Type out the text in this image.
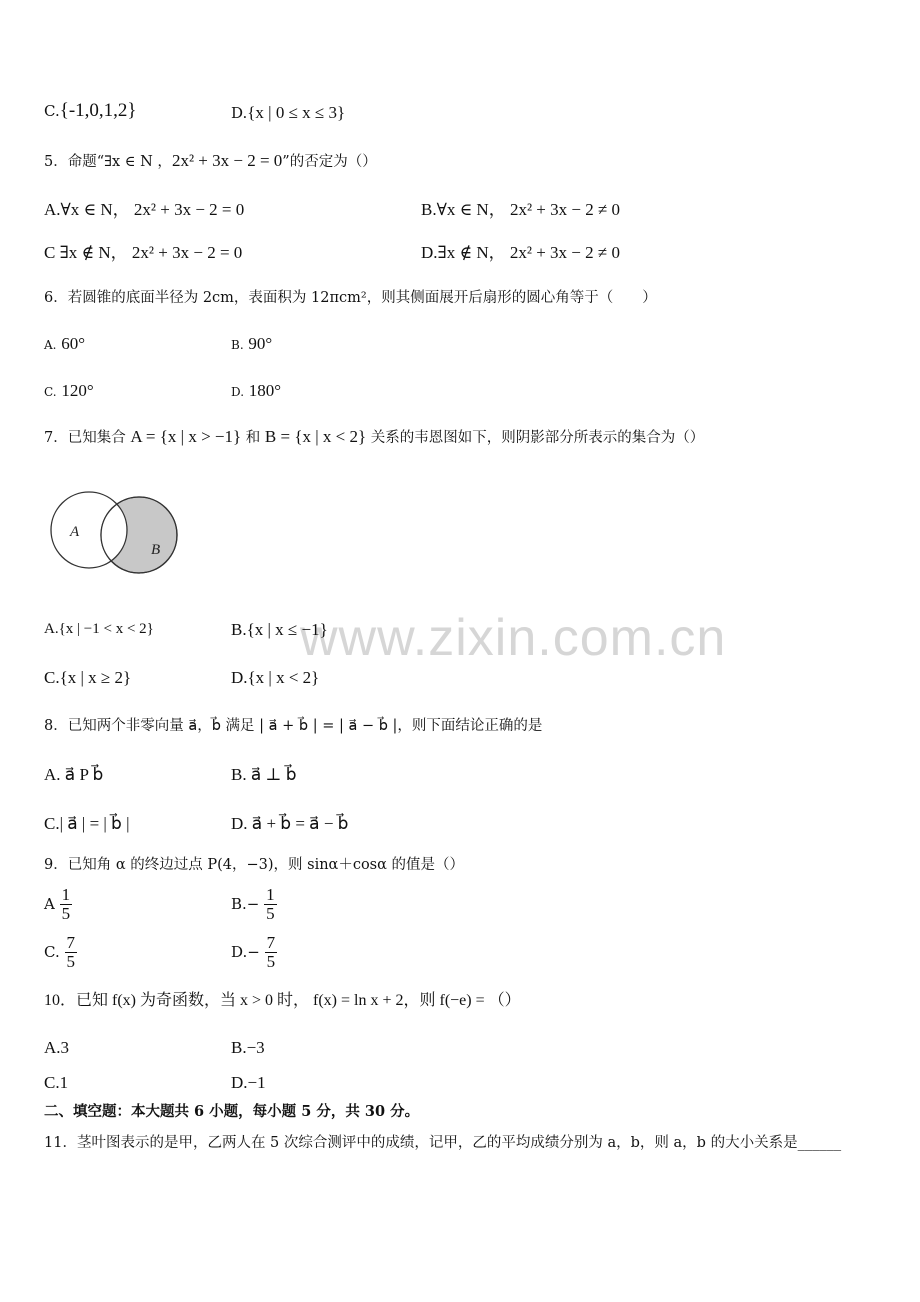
www.zixin.com.cn
C.{-1,0,1,2}	D.{x | 0 ≤ x ≤ 3}
5．命题“∃x ∈ N ，2x² + 3x − 2 = 0”的否定为（）
A.∀x ∈ N， 2x² + 3x − 2 = 0	B.∀x ∈ N， 2x² + 3x − 2 ≠ 0
C ∃x ∉ N， 2x² + 3x − 2 = 0	D.∃x ∉ N， 2x² + 3x − 2 ≠ 0
6．若圆锥的底面半径为 2cm，表面积为 12πcm²，则其侧面展开后扇形的圆心角等于（　　）
A. 60°	B. 90°
C. 120°	D. 180°
7．已知集合 A = {x | x > −1} 和 B = {x | x < 2} 关系的韦恩图如下，则阴影部分所表示的集合为（）
A
B
A.{x | −1 < x < 2}	B.{x | x ≤ −1}
C.{x | x ≥ 2}	D.{x | x < 2}
8．已知两个非零向量 a⃗，b⃗ 满足 | a⃗ + b⃗ | = | a⃗ − b⃗ |，则下面结论正确的是
A. a⃗ P b⃗	B. a⃗ ⊥ b⃗
C.| a⃗ | = | b⃗ |	D. a⃗ + b⃗ = a⃗ − b⃗
9．已知角 α 的终边过点 P(4，−3)，则 sinα＋cosα 的值是（）
A $\frac{1}{5}$	$B.- \frac{1}{5}$
C. $\frac{7}{5}$	$D.- \frac{7}{5}$
10．已知 f(x) 为奇函数，当 x > 0 时， f(x) = ln x + 2，则 f(−e) = （）
A.3	B.−3
C.1	D.−1
二、填空题：本大题共 6 小题，每小题 5 分，共 30 分。
11．茎叶图表示的是甲，乙两人在 5 次综合测评中的成绩，记甲，乙的平均成绩分别为 a，b，则 a，b 的大小关系是______
